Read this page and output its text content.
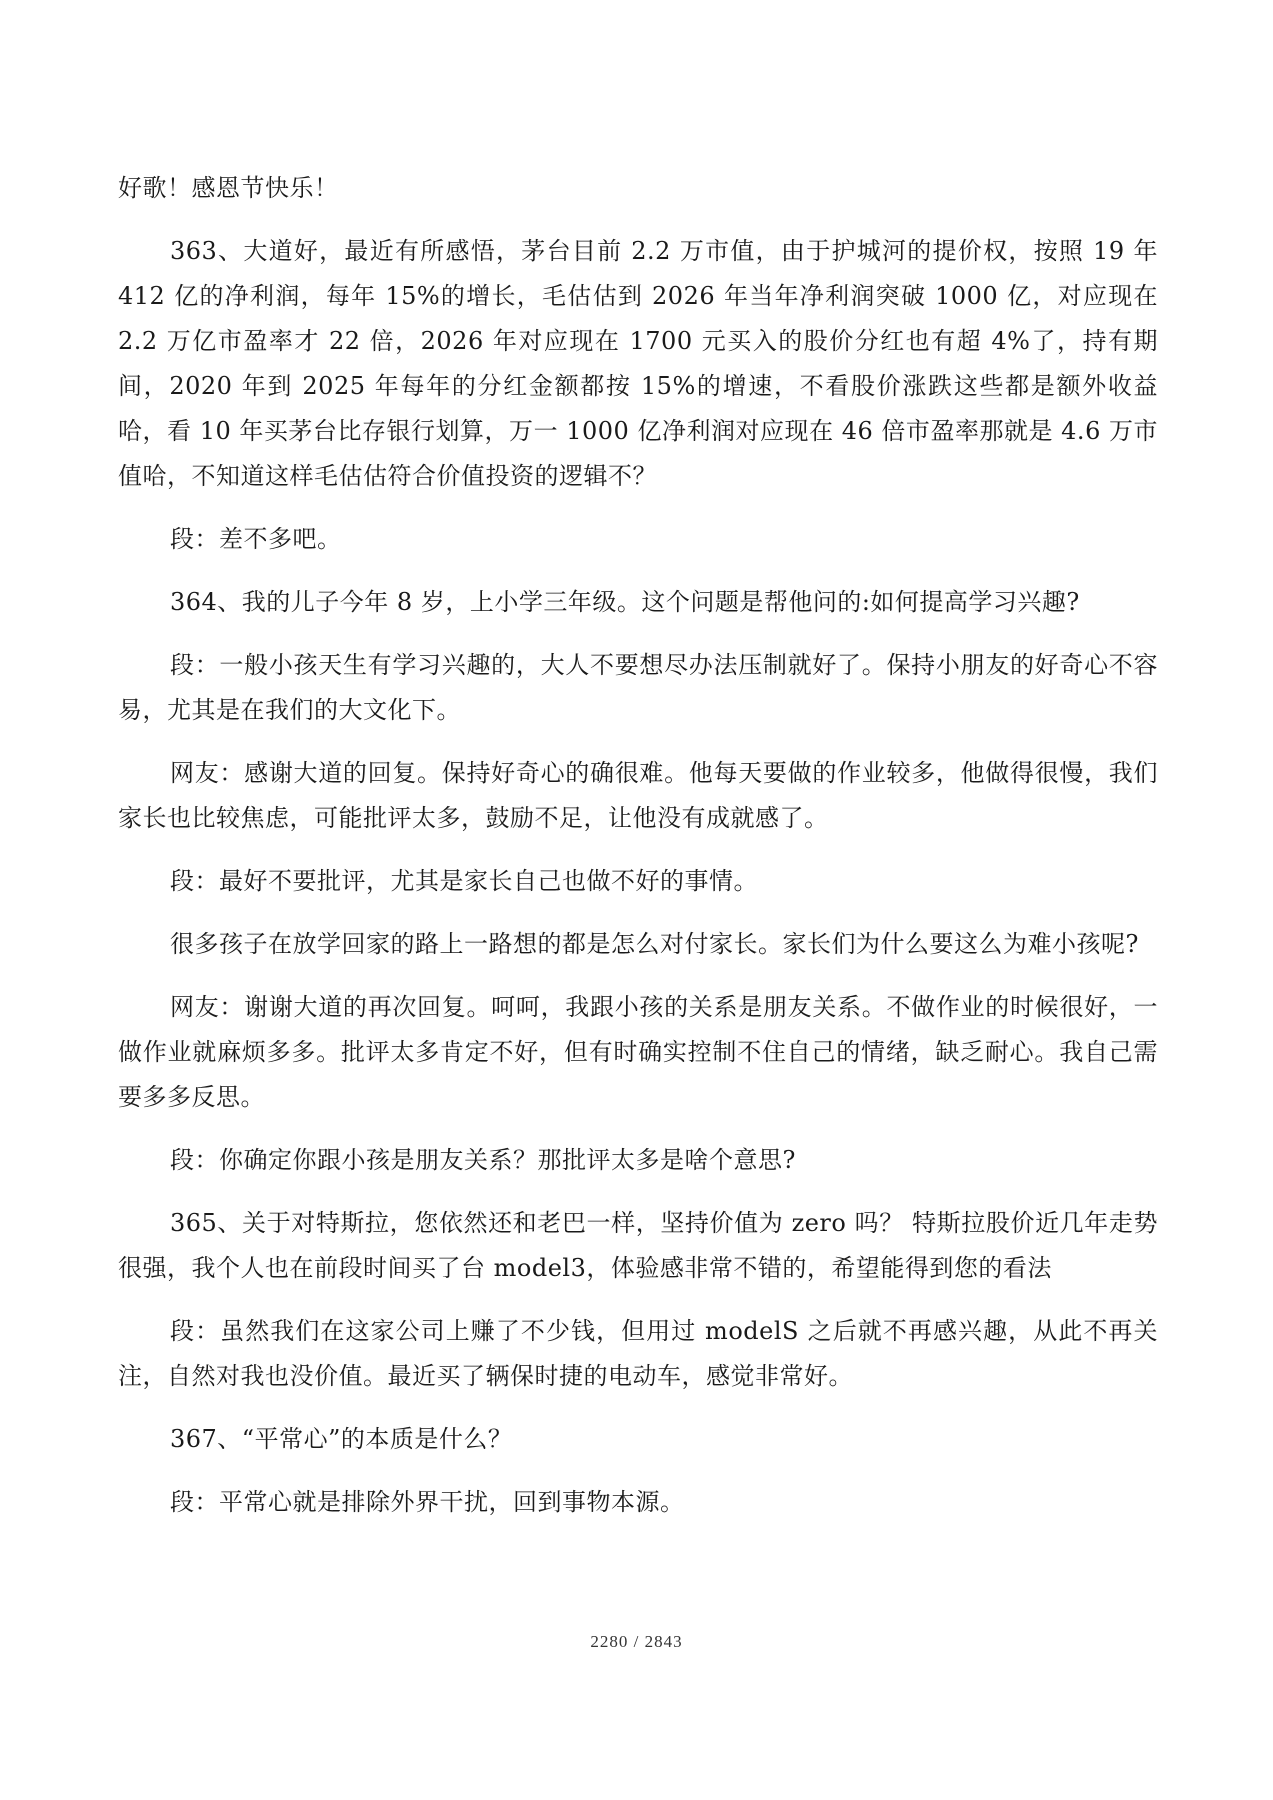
好歌！感恩节快乐！

363、大道好，最近有所感悟，茅台目前 2.2 万市值，由于护城河的提价权，按照 19 年 412 亿的净利润，每年 15%的增长，毛估估到 2026 年当年净利润突破 1000 亿，对应现在 2.2 万亿市盈率才 22 倍，2026 年对应现在 1700 元买入的股价分红也有超 4%了，持有期间，2020 年到 2025 年每年的分红金额都按 15%的增速，不看股价涨跌这些都是额外收益哈，看 10 年买茅台比存银行划算，万一 1000 亿净利润对应现在 46 倍市盈率那就是 4.6 万市值哈，不知道这样毛估估符合价值投资的逻辑不？

段：差不多吧。

364、我的儿子今年 8 岁，上小学三年级。这个问题是帮他问的:如何提高学习兴趣?

段：一般小孩天生有学习兴趣的，大人不要想尽办法压制就好了。保持小朋友的好奇心不容易，尤其是在我们的大文化下。

网友：感谢大道的回复。保持好奇心的确很难。他每天要做的作业较多，他做得很慢，我们家长也比较焦虑，可能批评太多，鼓励不足，让他没有成就感了。

段：最好不要批评，尤其是家长自己也做不好的事情。

很多孩子在放学回家的路上一路想的都是怎么对付家长。家长们为什么要这么为难小孩呢?

网友：谢谢大道的再次回复。呵呵，我跟小孩的关系是朋友关系。不做作业的时候很好，一做作业就麻烦多多。批评太多肯定不好，但有时确实控制不住自己的情绪，缺乏耐心。我自己需要多多反思。

段：你确定你跟小孩是朋友关系？那批评太多是啥个意思?

365、关于对特斯拉，您依然还和老巴一样，坚持价值为 zero 吗？ 特斯拉股价近几年走势很强，我个人也在前段时间买了台 model3，体验感非常不错的，希望能得到您的看法

段：虽然我们在这家公司上赚了不少钱，但用过 modelS 之后就不再感兴趣，从此不再关注，自然对我也没价值。最近买了辆保时捷的电动车，感觉非常好。

367、“平常心”的本质是什么？

段：平常心就是排除外界干扰，回到事物本源。

2280 / 2843
